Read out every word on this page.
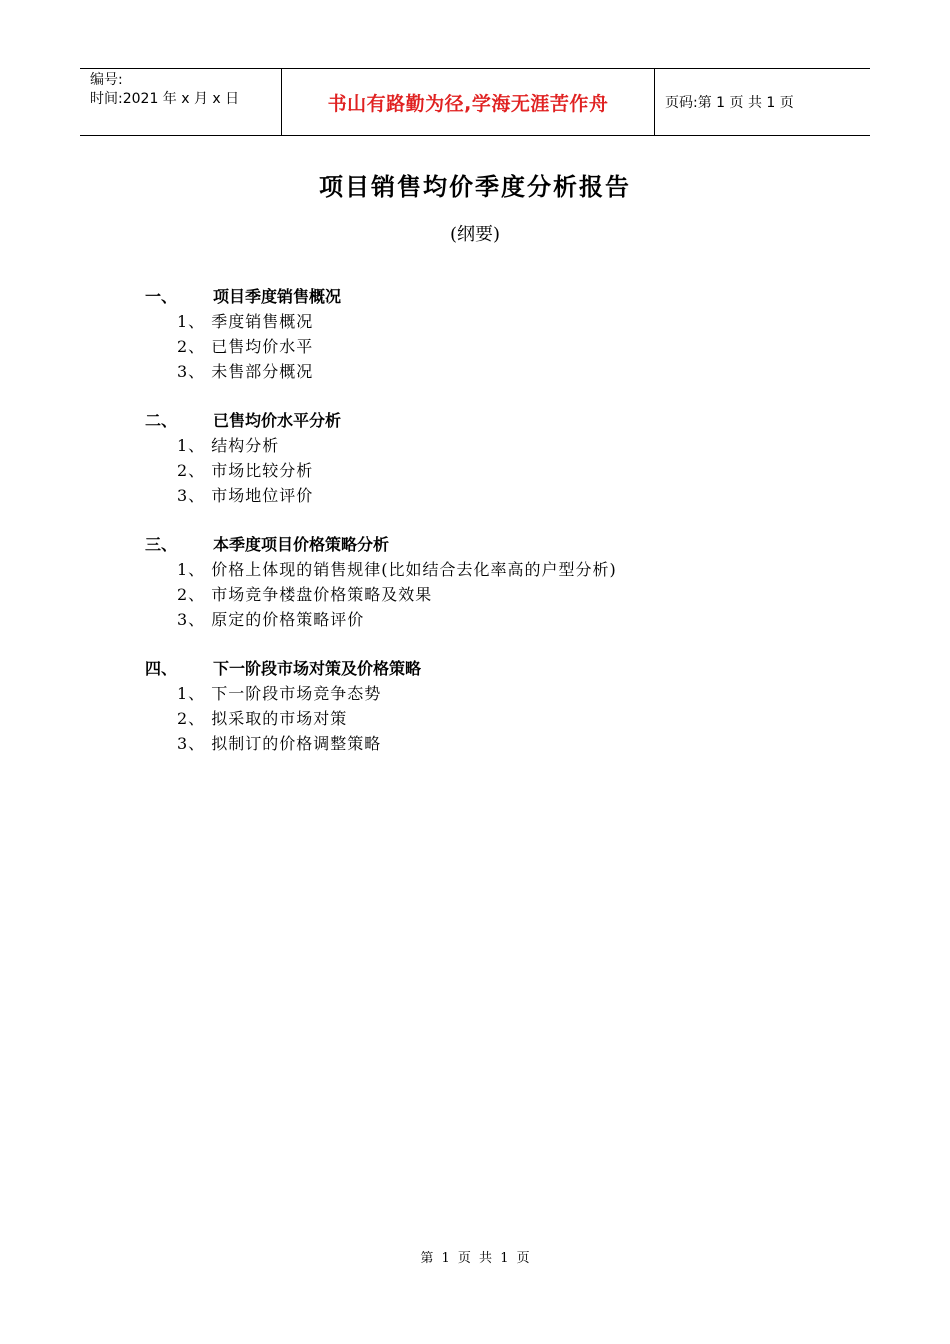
编号:
时间:2021 年 x 月 x 日	书山有路勤为径,学海无涯苦作舟	页码:第 1 页 共 1 页
项目销售均价季度分析报告
(纲要)
一、	项目季度销售概况
1、 季度销售概况
2、 已售均价水平
3、 未售部分概况
二、	已售均价水平分析
1、 结构分析
2、 市场比较分析
3、 市场地位评价
三、	本季度项目价格策略分析
1、 价格上体现的销售规律(比如结合去化率高的户型分析)
2、 市场竞争楼盘价格策略及效果
3、 原定的价格策略评价
四、	下一阶段市场对策及价格策略
1、 下一阶段市场竞争态势
2、 拟采取的市场对策
3、 拟制订的价格调整策略
第 1 页 共 1 页
